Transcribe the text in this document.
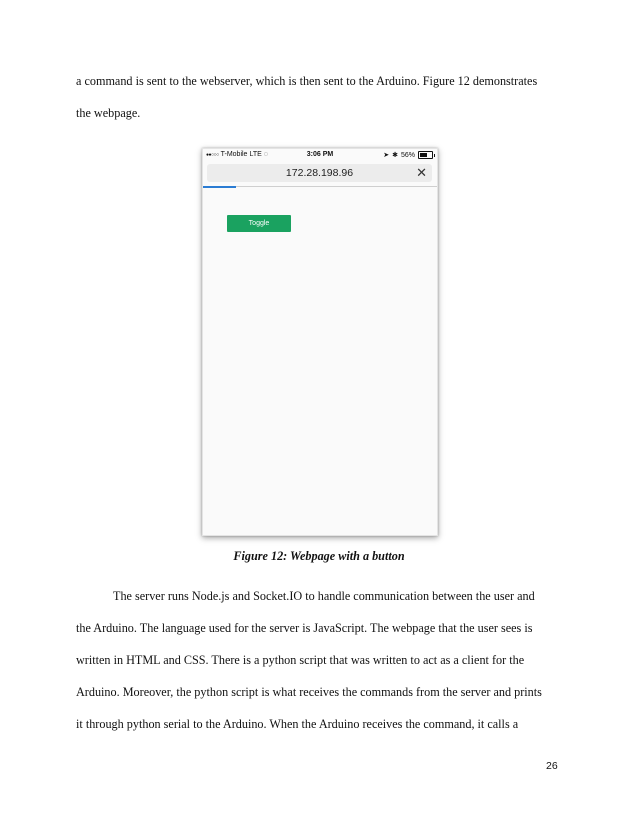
a command is sent to the webserver, which is then sent to the Arduino. Figure 12 demonstrates
the webpage.
●●○○○ T-Mobile LTE ◌	3:06 PM	➤ ✱ 56%
172.28.198.96	✕
Toggle
Figure 12: Webpage with a button
The server runs Node.js and Socket.IO to handle communication between the user and
the Arduino. The language used for the server is JavaScript. The webpage that the user sees is
written in HTML and CSS. There is a python script that was written to act as a client for the
Arduino. Moreover, the python script is what receives the commands from the server and prints
it through python serial to the Arduino. When the Arduino receives the command, it calls a
26
